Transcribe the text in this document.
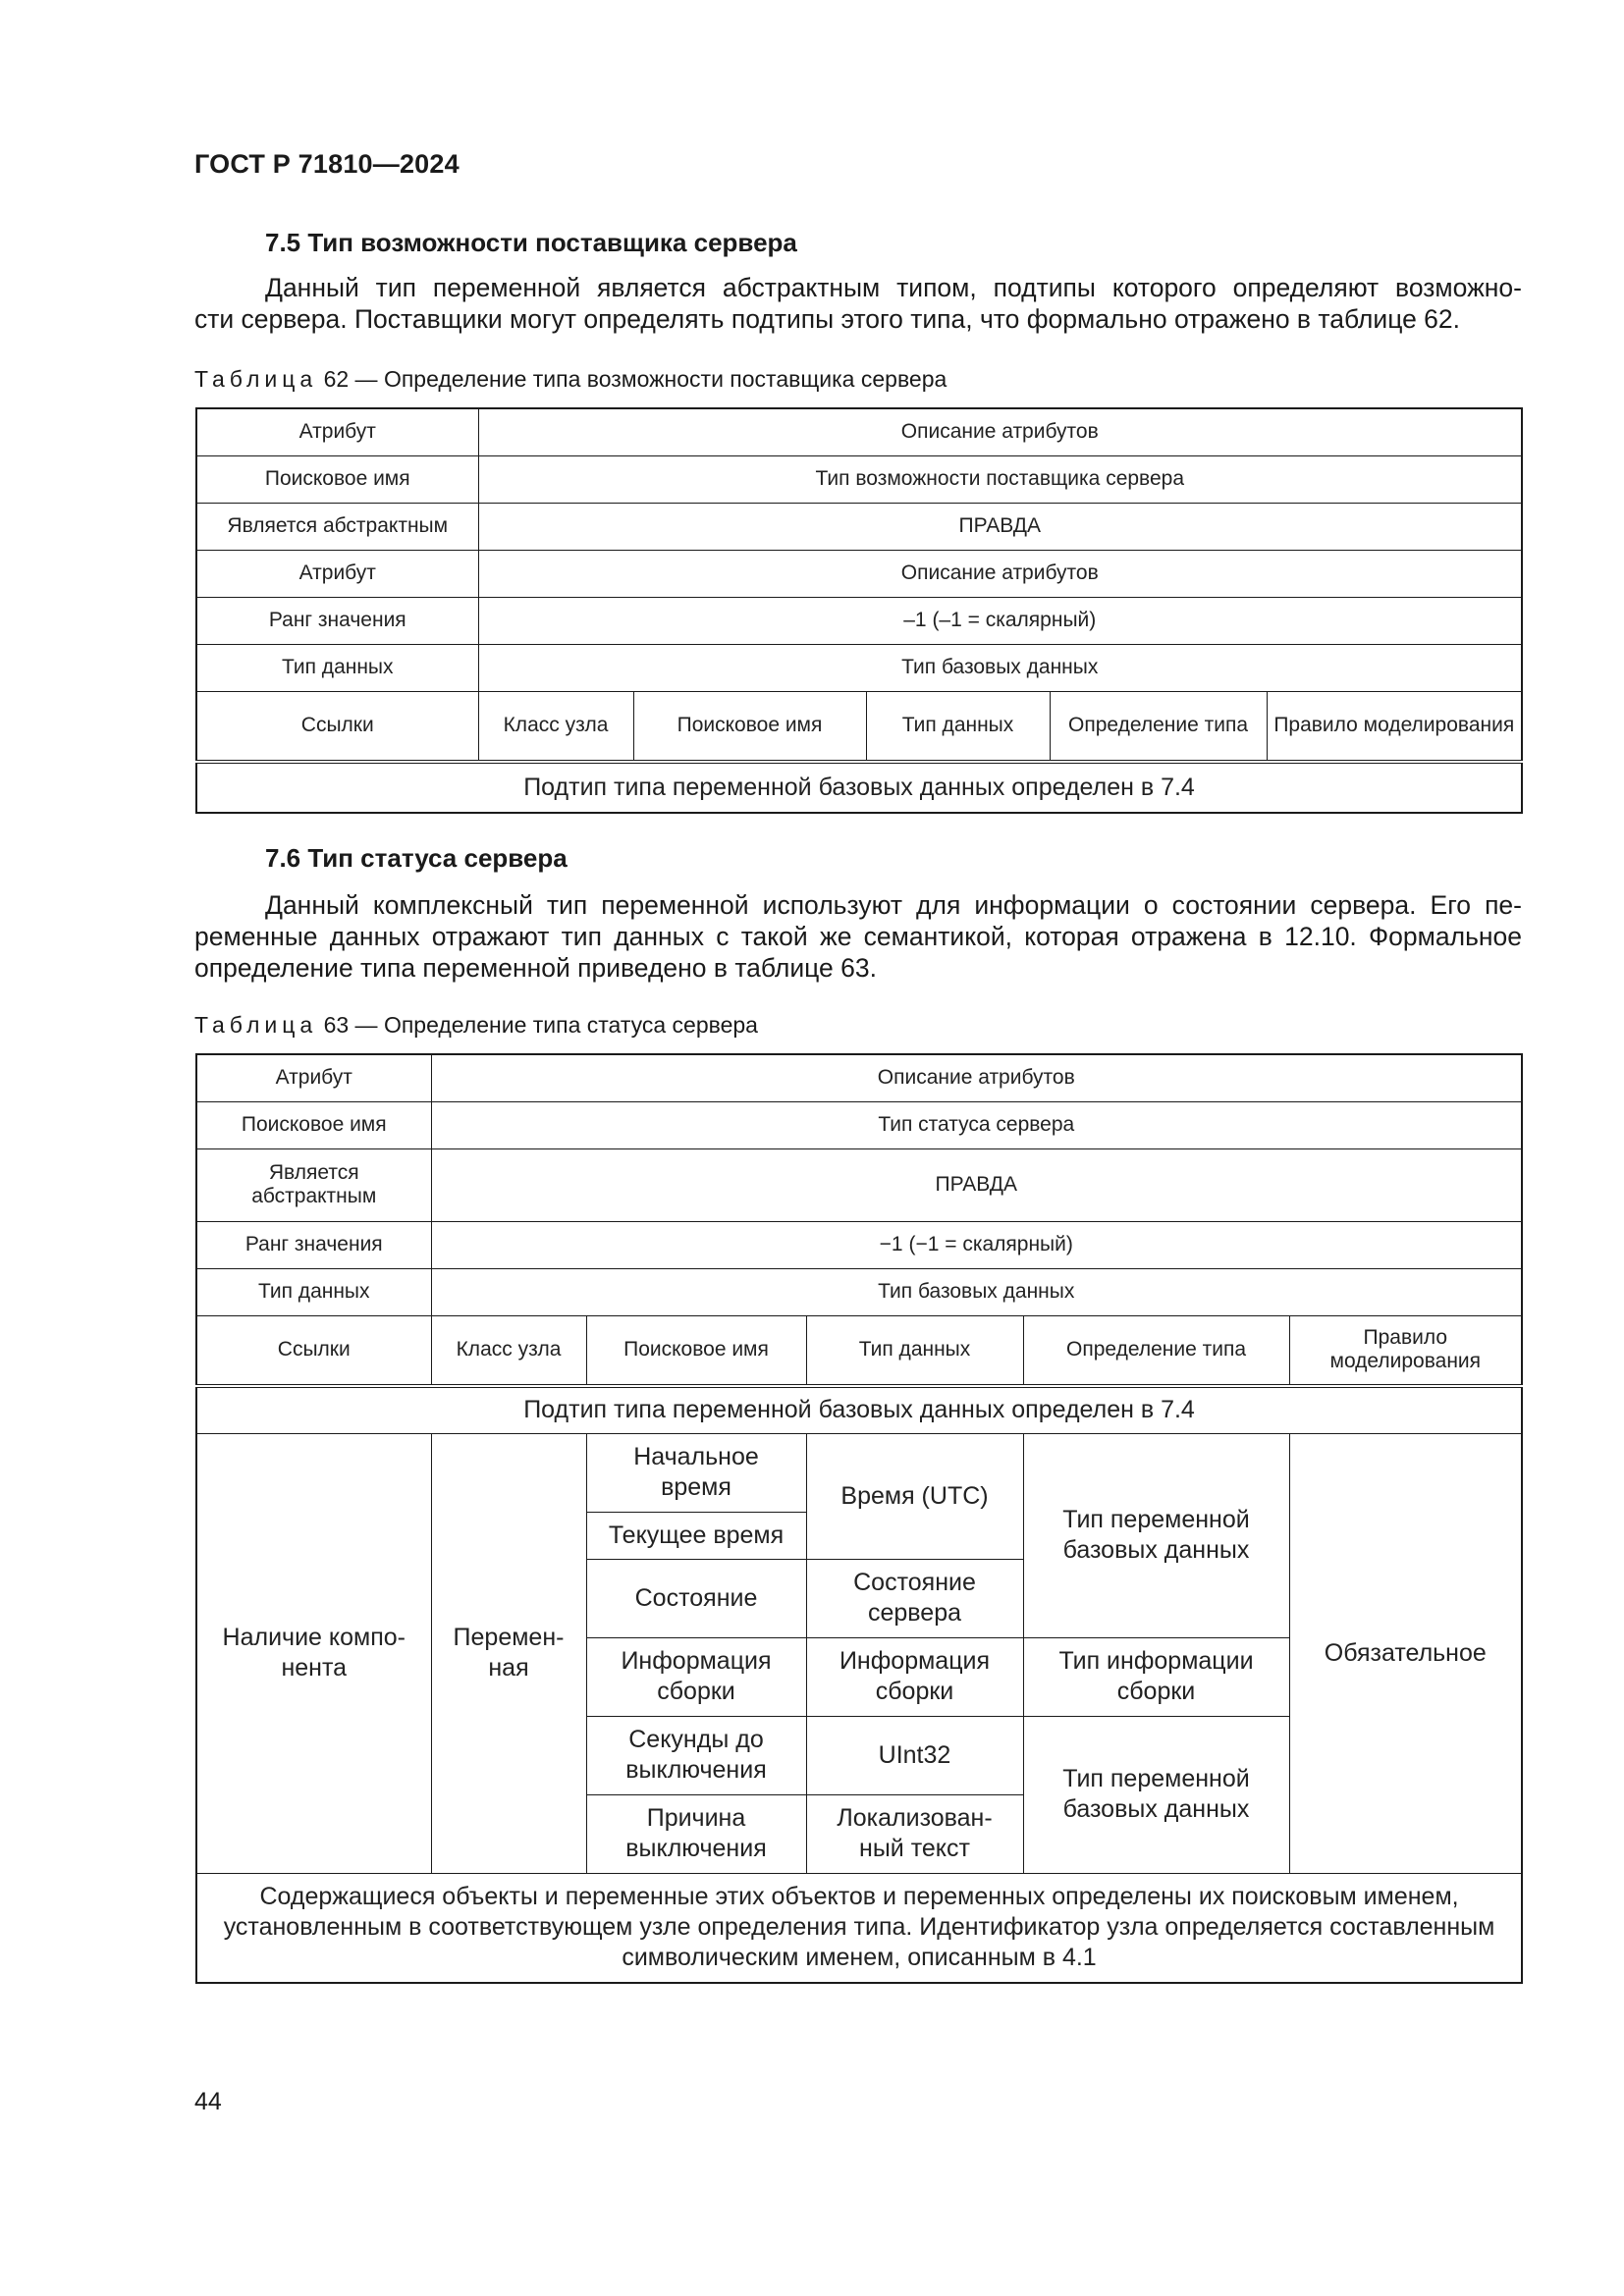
ГОСТ Р 71810—2024
7.5 Тип возможности поставщика сервера
Данный тип переменной является абстрактным типом, подтипы которого определяют возможно-
сти сервера. Поставщики могут определять подтипы этого типа, что формально отражено в таблице 62.
Таблица 62 — Определение типа возможности поставщика сервера
Атрибут	Описание атрибутов				
Поисковое имя	Тип возможности поставщика сервера				
Является абстрактным	ПРАВДА				
Атрибут	Описание атрибутов				
Ранг значения	–1 (–1 = скалярный)				
Тип данных	Тип базовых данных				
Ссылки	Класс узла	Поисковое имя	Тип данных	Определение типа	Правило моделирования
Подтип типа переменной базовых данных определен в 7.4					
7.6 Тип статуса сервера
Данный комплексный тип переменной используют для информации о состоянии сервера. Его пе-
ременные данных отражают тип данных с такой же семантикой, которая отражена в 12.10. Формальное
определение типа переменной приведено в таблице 63.
Таблица 63 — Определение типа статуса сервера
Атрибут	Описание атрибутов				
Поисковое имя	Тип статуса сервера				
Является абстрактным	ПРАВДА				
Ранг значения	−1 (−1 = скалярный)				
Тип данных	Тип базовых данных				
Ссылки	Класс узла	Поисковое имя	Тип данных	Определение типа	Правило моделирования
Подтип типа переменной базовых данных определен в 7.4					
Наличие компо-нента	Перемен-ная	Начальное время	Время (UTC)	Тип переменной базовых данных	Обязательное
		Текущее время			
		Состояние	Состояние сервера		
		Информация сборки	Информация сборки	Тип информации сборки	
		Секунды до выключения	UInt32	Тип переменной базовых данных	
		Причина выключения	Локализован-ный текст		
Содержащиеся объекты и переменные этих объектов и переменных определены их поисковым именем, установленным в соответствующем узле определения типа. Идентификатор узла определяется составленным символическим именем, описанным в 4.1					
44
